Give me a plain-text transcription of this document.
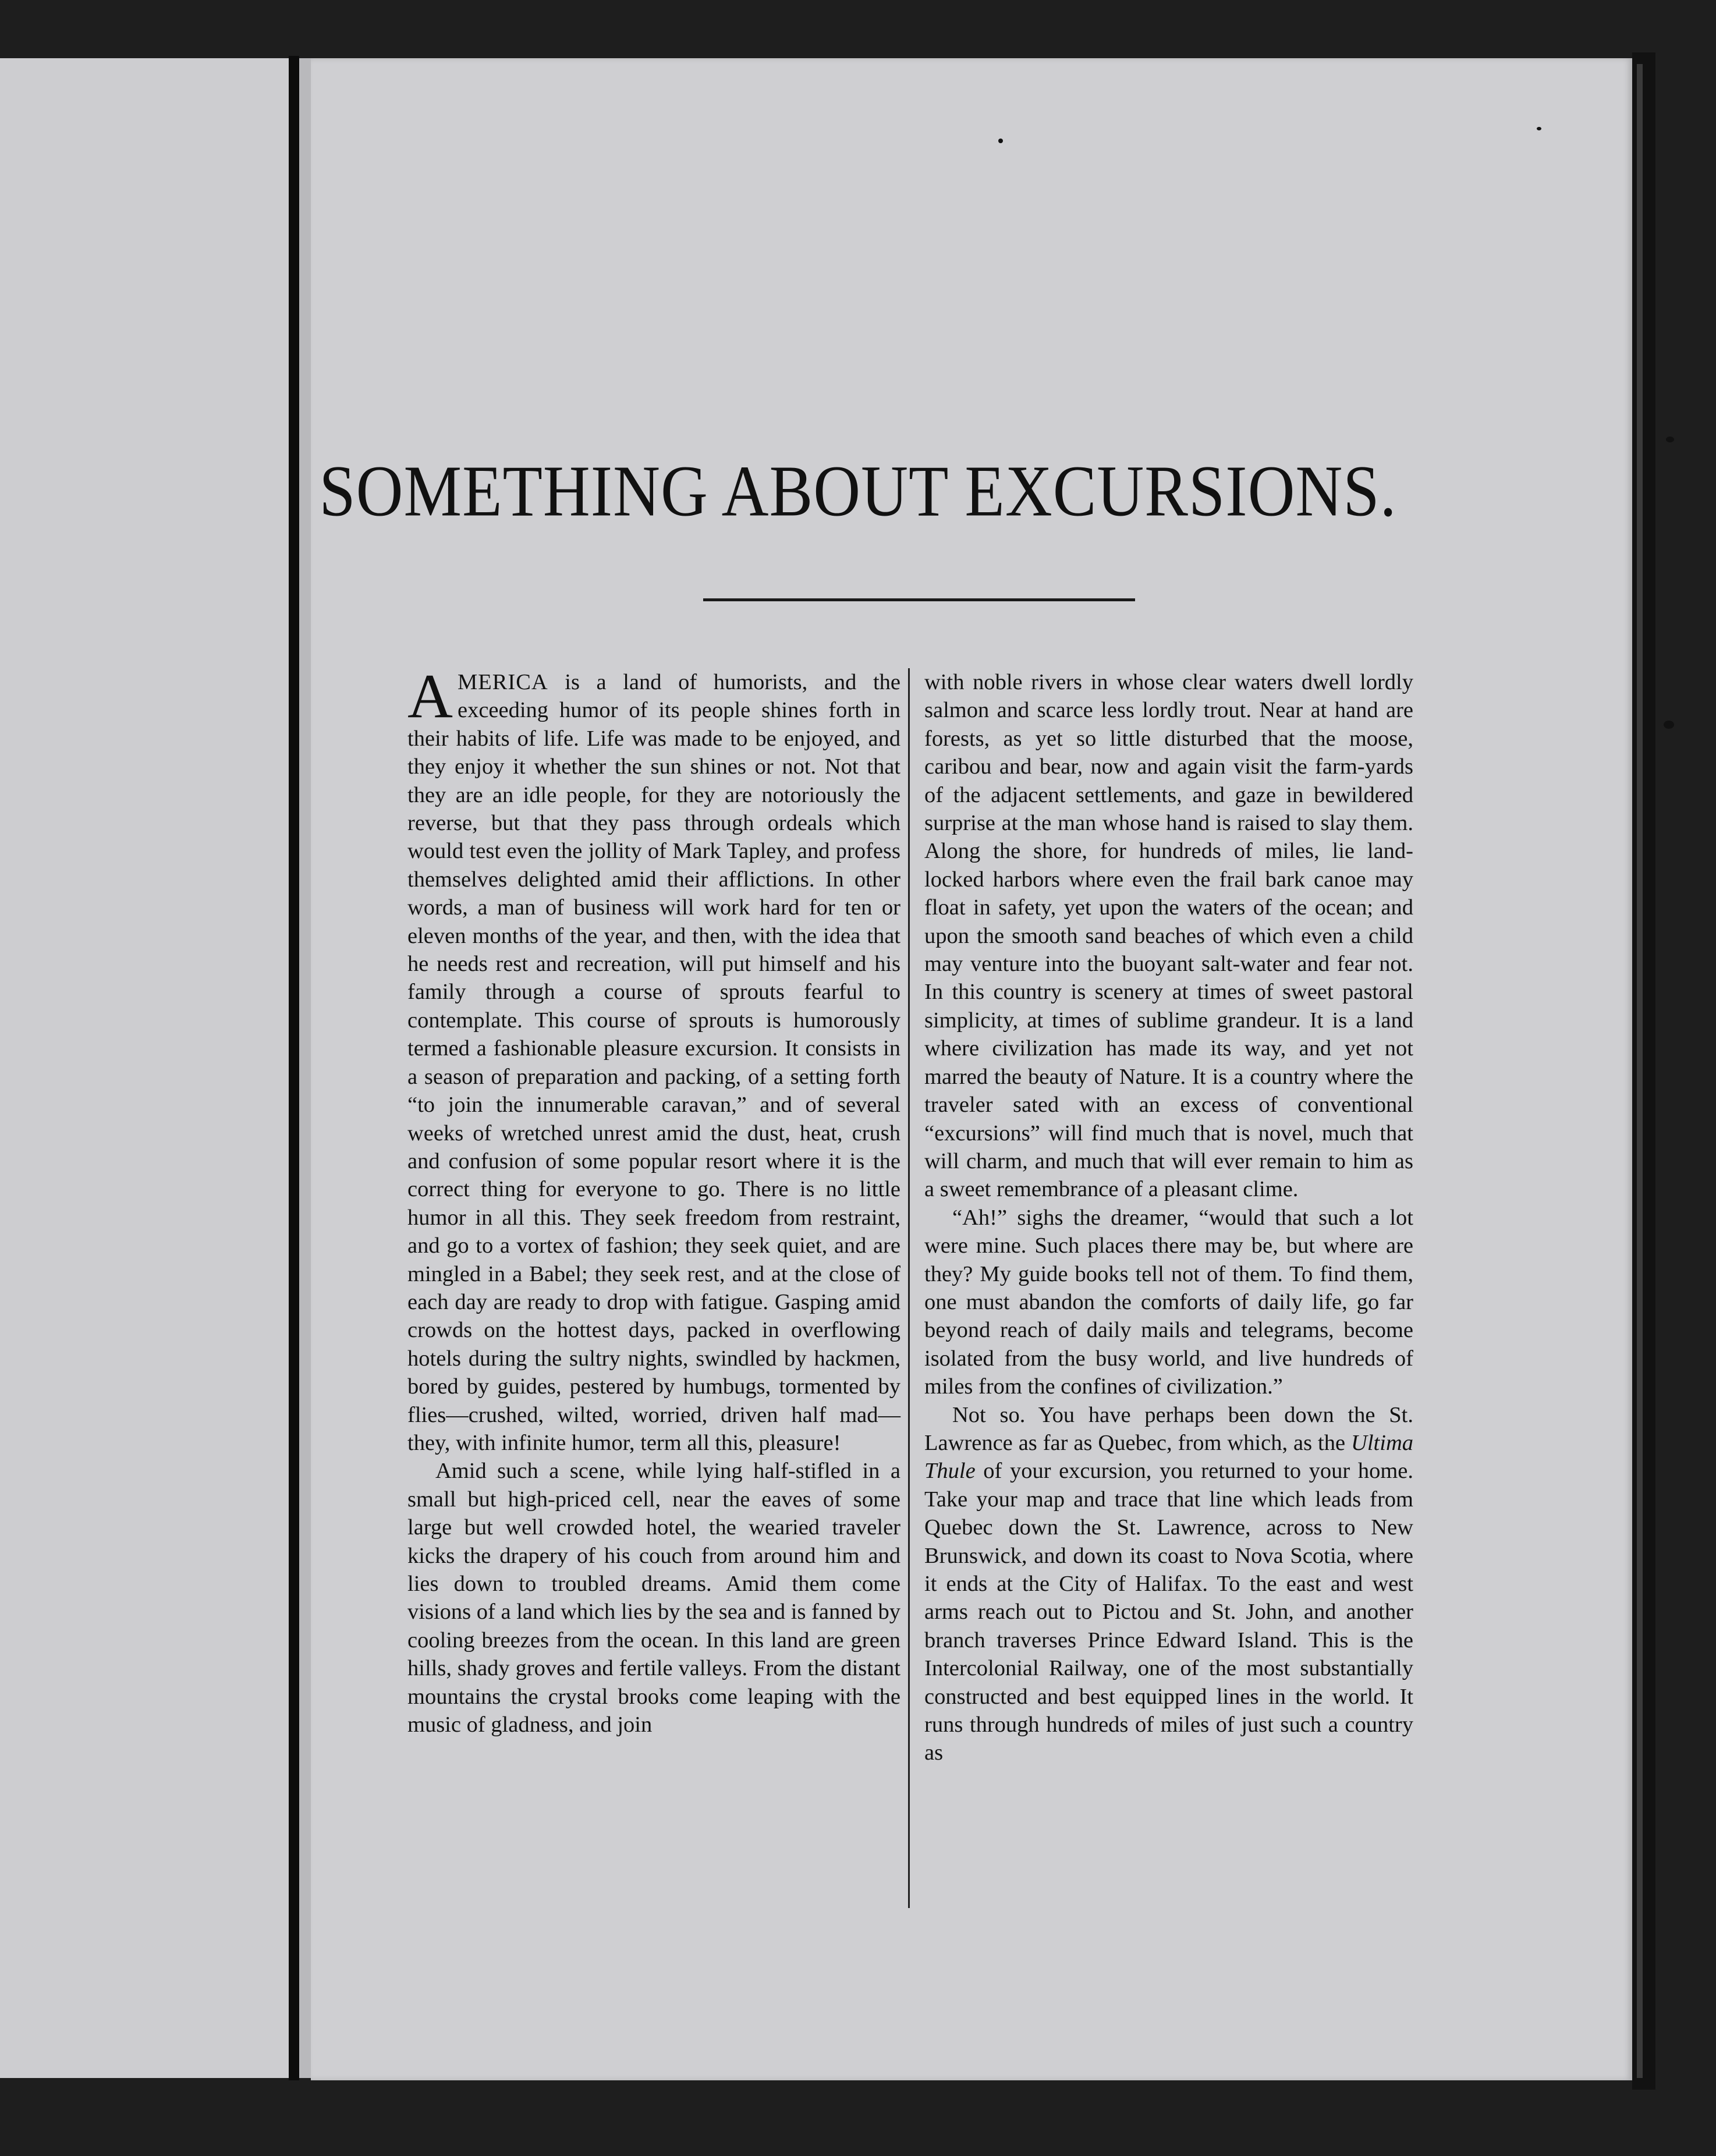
SOMETHING ABOUT EXCURSIONS.

AMERICA is a land of humorists, and the exceeding humor of its people shines forth in their habits of life. Life was made to be enjoyed, and they enjoy it whether the sun shines or not. Not that they are an idle people, for they are notoriously the reverse, but that they pass through ordeals which would test even the jollity of Mark Tapley, and profess themselves delighted amid their afflictions. In other words, a man of business will work hard for ten or eleven months of the year, and then, with the idea that he needs rest and recreation, will put himself and his family through a course of sprouts fearful to contemplate. This course of sprouts is humorously termed a fashionable pleasure excursion. It consists in a season of preparation and packing, of a setting forth “to join the innumerable caravan,” and of several weeks of wretched unrest amid the dust, heat, crush and confusion of some popular resort where it is the correct thing for everyone to go. There is no little humor in all this. They seek freedom from restraint, and go to a vortex of fashion; they seek quiet, and are mingled in a Babel; they seek rest, and at the close of each day are ready to drop with fatigue. Gasping amid crowds on the hottest days, packed in overflowing hotels during the sultry nights, swindled by hackmen, bored by guides, pestered by humbugs, tormented by flies—crushed, wilted, worried, driven half mad—they, with infinite humor, term all this, pleasure!

Amid such a scene, while lying half-stifled in a small but high-priced cell, near the eaves of some large but well crowded hotel, the wearied traveler kicks the drapery of his couch from around him and lies down to troubled dreams. Amid them come visions of a land which lies by the sea and is fanned by cooling breezes from the ocean. In this land are green hills, shady groves and fertile valleys. From the distant mountains the crystal brooks come leaping with the music of gladness, and join

with noble rivers in whose clear waters dwell lordly salmon and scarce less lordly trout. Near at hand are forests, as yet so little disturbed that the moose, caribou and bear, now and again visit the farm-yards of the adjacent settlements, and gaze in bewildered surprise at the man whose hand is raised to slay them. Along the shore, for hundreds of miles, lie land-locked harbors where even the frail bark canoe may float in safety, yet upon the waters of the ocean; and upon the smooth sand beaches of which even a child may venture into the buoyant salt-water and fear not. In this country is scenery at times of sweet pastoral simplicity, at times of sublime grandeur. It is a land where civilization has made its way, and yet not marred the beauty of Nature. It is a country where the traveler sated with an excess of conventional “excursions” will find much that is novel, much that will charm, and much that will ever remain to him as a sweet remembrance of a pleasant clime.

“Ah!” sighs the dreamer, “would that such a lot were mine. Such places there may be, but where are they? My guide books tell not of them. To find them, one must abandon the comforts of daily life, go far beyond reach of daily mails and telegrams, become isolated from the busy world, and live hundreds of miles from the confines of civilization.”

Not so. You have perhaps been down the St. Lawrence as far as Quebec, from which, as the Ultima Thule of your excursion, you returned to your home. Take your map and trace that line which leads from Quebec down the St. Lawrence, across to New Brunswick, and down its coast to Nova Scotia, where it ends at the City of Halifax. To the east and west arms reach out to Pictou and St. John, and another branch traverses Prince Edward Island. This is the Intercolonial Railway, one of the most substantially constructed and best equipped lines in the world. It runs through hundreds of miles of just such a country as
